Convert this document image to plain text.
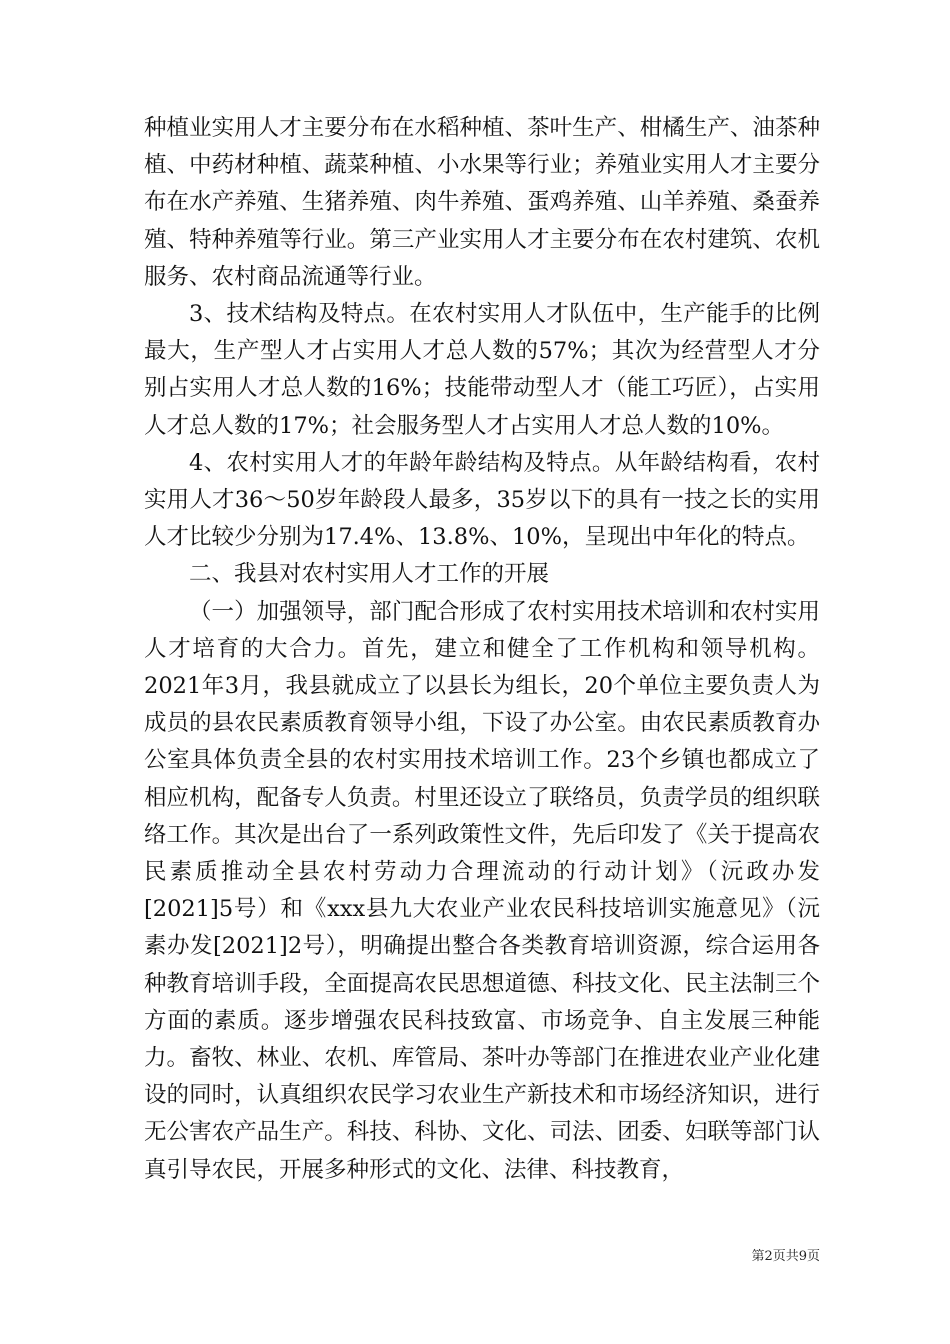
种植业实用人才主要分布在水稻种植、茶叶生产、柑橘生产、油茶种植、中药材种植、蔬菜种植、小水果等行业；养殖业实用人才主要分布在水产养殖、生猪养殖、肉牛养殖、蛋鸡养殖、山羊养殖、桑蚕养殖、特种养殖等行业。第三产业实用人才主要分布在农村建筑、农机服务、农村商品流通等行业。

3、技术结构及特点。在农村实用人才队伍中，生产能手的比例最大，生产型人才占实用人才总人数的57%；其次为经营型人才分别占实用人才总人数的16%；技能带动型人才（能工巧匠），占实用人才总人数的17%；社会服务型人才占实用人才总人数的10%。

4、农村实用人才的年龄年龄结构及特点。从年龄结构看，农村实用人才36～50岁年龄段人最多，35岁以下的具有一技之长的实用人才比较少分别为17.4%、13.8%、10%，呈现出中年化的特点。

二、我县对农村实用人才工作的开展

（一）加强领导，部门配合形成了农村实用技术培训和农村实用人才培育的大合力。首先，建立和健全了工作机构和领导机构。2021年3月，我县就成立了以县长为组长，20个单位主要负责人为成员的县农民素质教育领导小组，下设了办公室。由农民素质教育办公室具体负责全县的农村实用技术培训工作。23个乡镇也都成立了相应机构，配备专人负责。村里还设立了联络员，负责学员的组织联络工作。其次是出台了一系列政策性文件，先后印发了《关于提高农民素质推动全县农村劳动力合理流动的行动计划》（沅政办发[2021]5号）和《xxx县九大农业产业农民科技培训实施意见》（沅素办发[2021]2号），明确提出整合各类教育培训资源，综合运用各种教育培训手段，全面提高农民思想道德、科技文化、民主法制三个方面的素质。逐步增强农民科技致富、市场竞争、自主发展三种能力。畜牧、林业、农机、库管局、茶叶办等部门在推进农业产业化建设的同时，认真组织农民学习农业生产新技术和市场经济知识，进行无公害农产品生产。科技、科协、文化、司法、团委、妇联等部门认真引导农民，开展多种形式的文化、法律、科技教育，

第2页共9页
